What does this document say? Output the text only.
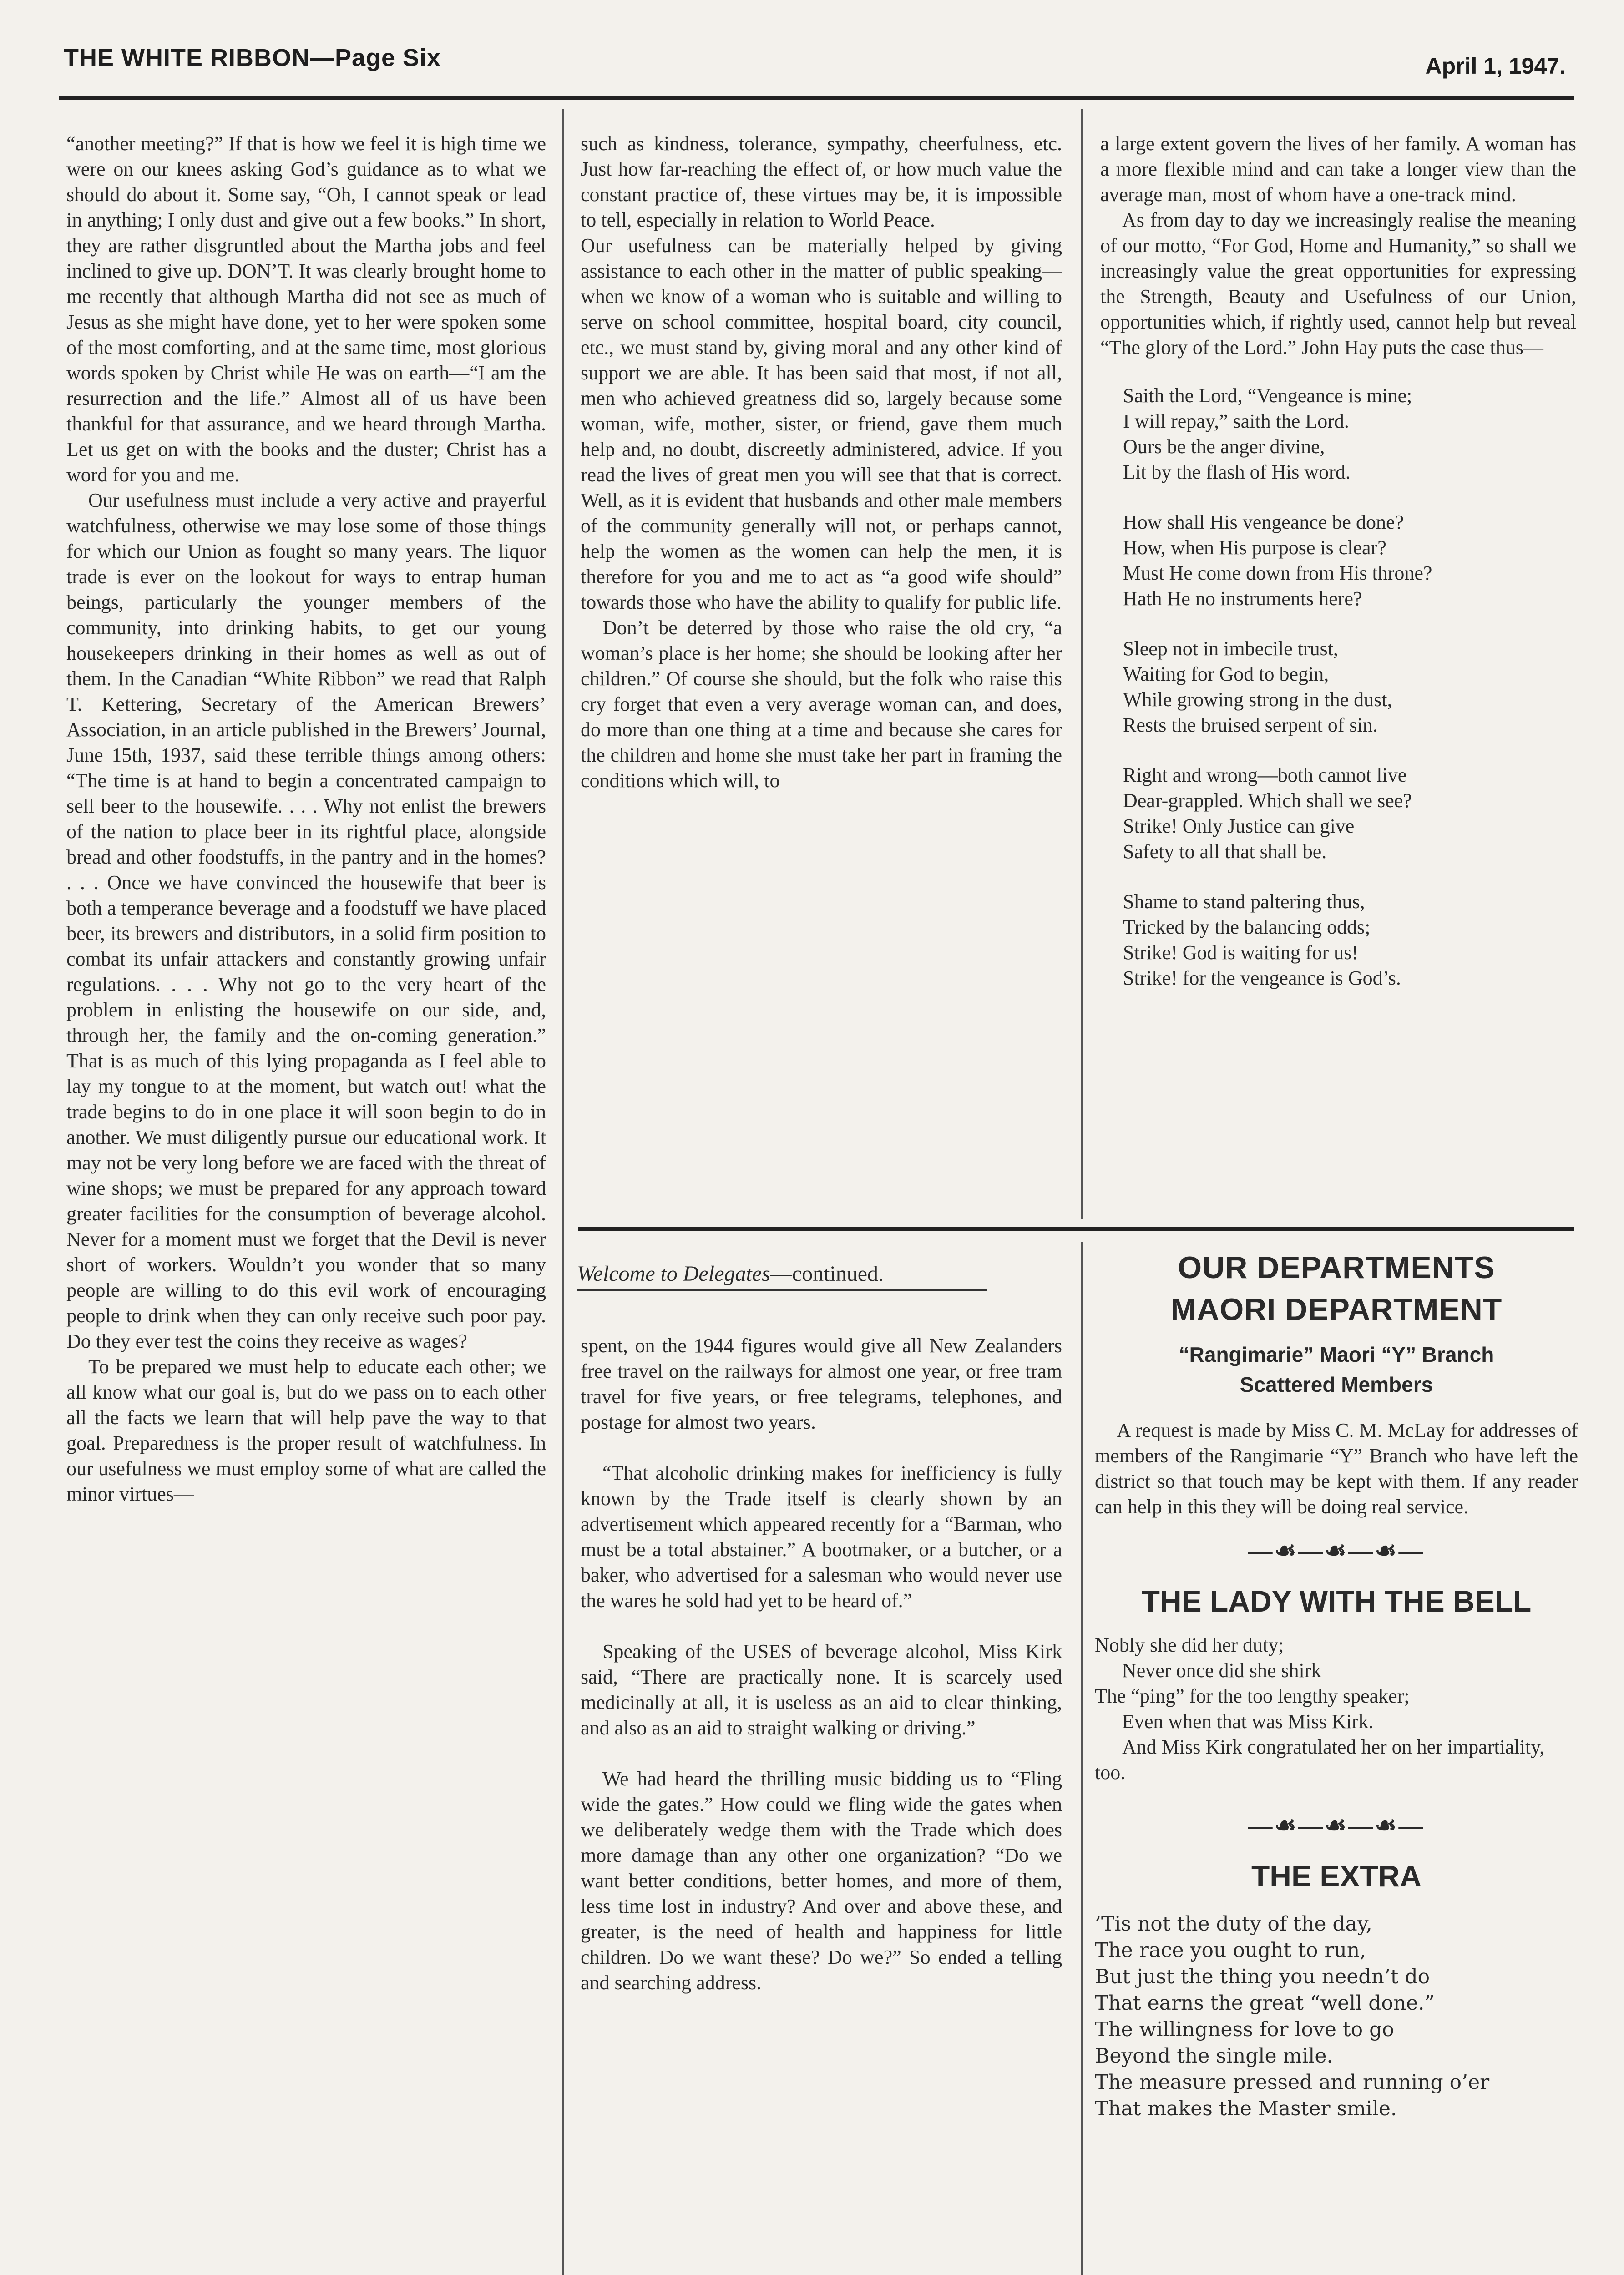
THE WHITE RIBBON—Page Six	April 1, 1947.

“another meeting?” If that is how we feel it is high time we were on our knees asking God’s guidance as to what we should do about it. Some say, “Oh, I cannot speak or lead in anything; I only dust and give out a few books.” In short, they are rather disgruntled about the Martha jobs and feel inclined to give up. DON’T. It was clearly brought home to me recently that although Martha did not see as much of Jesus as she might have done, yet to her were spoken some of the most comforting, and at the same time, most glorious words spoken by Christ while He was on earth—“I am the resurrection and the life.” Almost all of us have been thankful for that assurance, and we heard through Martha. Let us get on with the books and the duster; Christ has a word for you and me.

Our usefulness must include a very active and prayerful watchfulness, otherwise we may lose some of those things for which our Union as fought so many years. The liquor trade is ever on the lookout for ways to entrap human beings, particularly the younger members of the community, into drinking habits, to get our young housekeepers drinking in their homes as well as out of them. In the Canadian “White Ribbon” we read that Ralph T. Kettering, Secretary of the American Brewers’ Association, in an article published in the Brewers’ Journal, June 15th, 1937, said these terrible things among others: “The time is at hand to begin a concentrated campaign to sell beer to the housewife. . . . Why not enlist the brewers of the nation to place beer in its rightful place, alongside bread and other foodstuffs, in the pantry and in the homes? . . . Once we have convinced the housewife that beer is both a temperance beverage and a foodstuff we have placed beer, its brewers and distributors, in a solid firm position to combat its unfair attackers and constantly growing unfair regulations. . . . Why not go to the very heart of the problem in enlisting the housewife on our side, and, through her, the family and the on-coming generation.” That is as much of this lying propaganda as I feel able to lay my tongue to at the moment, but watch out! what the trade begins to do in one place it will soon begin to do in another. We must diligently pursue our educational work. It may not be very long before we are faced with the threat of wine shops; we must be prepared for any approach toward greater facilities for the consumption of beverage alcohol. Never for a moment must we forget that the Devil is never short of workers. Wouldn’t you wonder that so many people are willing to do this evil work of encouraging people to drink when they can only receive such poor pay. Do they ever test the coins they receive as wages?

To be prepared we must help to educate each other; we all know what our goal is, but do we pass on to each other all the facts we learn that will help pave the way to that goal. Preparedness is the proper result of watchfulness. In our usefulness we must employ some of what are called the minor virtues—

such as kindness, tolerance, sympathy, cheerfulness, etc. Just how far-reaching the effect of, or how much value the constant practice of, these virtues may be, it is impossible to tell, especially in relation to World Peace.

Our usefulness can be materially helped by giving assistance to each other in the matter of public speaking—when we know of a woman who is suitable and willing to serve on school committee, hospital board, city council, etc., we must stand by, giving moral and any other kind of support we are able. It has been said that most, if not all, men who achieved greatness did so, largely because some woman, wife, mother, sister, or friend, gave them much help and, no doubt, discreetly administered, advice. If you read the lives of great men you will see that that is correct. Well, as it is evident that husbands and other male members of the community generally will not, or perhaps cannot, help the women as the women can help the men, it is therefore for you and me to act as “a good wife should” towards those who have the ability to qualify for public life.

Don’t be deterred by those who raise the old cry, “a woman’s place is her home; she should be looking after her children.” Of course she should, but the folk who raise this cry forget that even a very average woman can, and does, do more than one thing at a time and because she cares for the children and home she must take her part in framing the conditions which will, to

a large extent govern the lives of her family. A woman has a more flexible mind and can take a longer view than the average man, most of whom have a one-track mind.

As from day to day we increasingly realise the meaning of our motto, “For God, Home and Humanity,” so shall we increasingly value the great opportunities for expressing the Strength, Beauty and Usefulness of our Union, opportunities which, if rightly used, cannot help but reveal “The glory of the Lord.” John Hay puts the case thus—

Saith the Lord, “Vengeance is mine;

I will repay,” saith the Lord.

Ours be the anger divine,

Lit by the flash of His word.

How shall His vengeance be done?

How, when His purpose is clear?

Must He come down from His throne?

Hath He no instruments here?

Sleep not in imbecile trust,

Waiting for God to begin,

While growing strong in the dust,

Rests the bruised serpent of sin.

Right and wrong—both cannot live

Dear-grappled. Which shall we see?

Strike! Only Justice can give

Safety to all that shall be.

Shame to stand paltering thus,

Tricked by the balancing odds;

Strike! God is waiting for us!

Strike! for the vengeance is God’s.

Welcome to Delegates—continued.

spent, on the 1944 figures would give all New Zealanders free travel on the railways for almost one year, or free tram travel for five years, or free telegrams, telephones, and postage for almost two years.

“That alcoholic drinking makes for inefficiency is fully known by the Trade itself is clearly shown by an advertisement which appeared recently for a “Barman, who must be a total abstainer.” A bootmaker, or a butcher, or a baker, who advertised for a salesman who would never use the wares he sold had yet to be heard of.”

Speaking of the USES of beverage alcohol, Miss Kirk said, “There are practically none. It is scarcely used medicinally at all, it is useless as an aid to clear thinking, and also as an aid to straight walking or driving.”

We had heard the thrilling music bidding us to “Fling wide the gates.” How could we fling wide the gates when we deliberately wedge them with the Trade which does more damage than any other one organization? “Do we want better conditions, better homes, and more of them, less time lost in industry? And over and above these, and greater, is the need of health and happiness for little children. Do we want these? Do we?” So ended a telling and searching address.

OUR DEPARTMENTS
MAORI DEPARTMENT
“Rangimarie” Maori “Y” Branch
Scattered Members

A request is made by Miss C. M. McLay for addresses of members of the Rangimarie “Y” Branch who have left the district so that touch may be kept with them. If any reader can help in this they will be doing real service.

—☙—☙—☙—
THE LADY WITH THE BELL

Nobly she did her duty;

Never once did she shirk

The “ping” for the too lengthy speaker;

Even when that was Miss Kirk.

And Miss Kirk congratulated her on her impartiality, too.

—☙—☙—☙—
THE EXTRA

’Tis not the duty of the day,

The race you ought to run,

But just the thing you needn’t do

That earns the great “well done.”

The willingness for love to go

Beyond the single mile.

The measure pressed and running o’er

That makes the Master smile.
